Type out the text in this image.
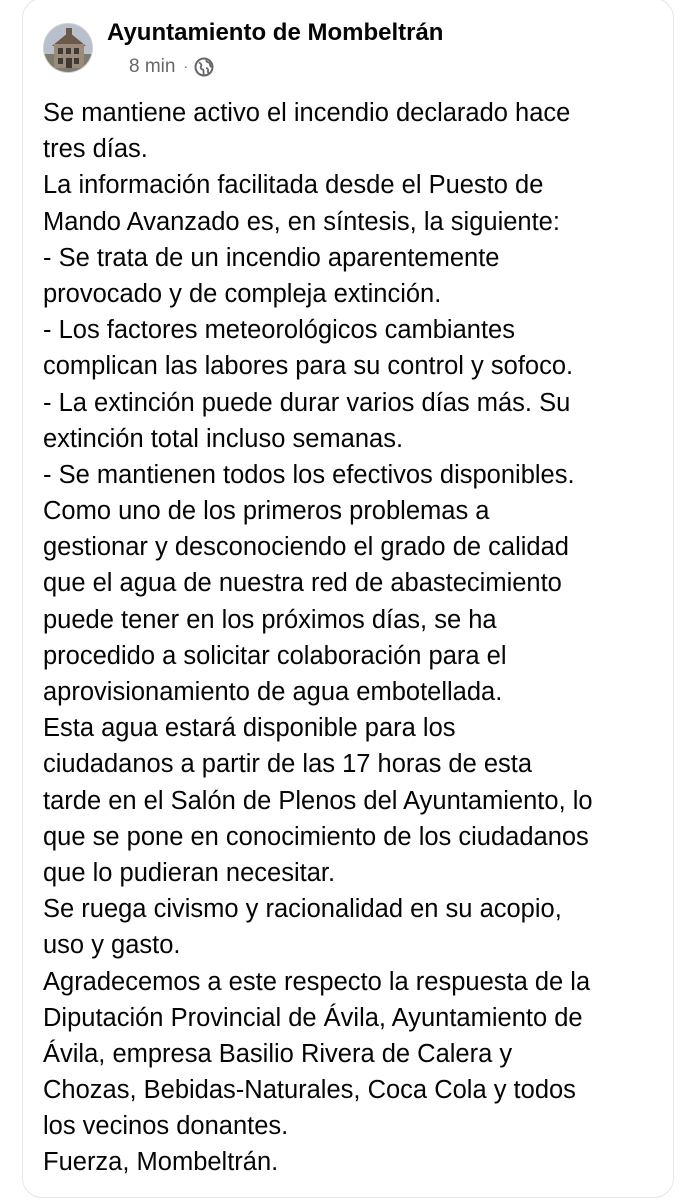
Ayuntamiento de Mombeltrán
8 min ·
Se mantiene activo el incendio declarado hace
tres días.
La información facilitada desde el Puesto de
Mando Avanzado es, en síntesis, la siguiente:
- Se trata de un incendio aparentemente
provocado y de compleja extinción.
- Los factores meteorológicos cambiantes
complican las labores para su control y sofoco.
- La extinción puede durar varios días más. Su
extinción total incluso semanas.
- Se mantienen todos los efectivos disponibles.
Como uno de los primeros problemas a
gestionar y desconociendo el grado de calidad
que el agua de nuestra red de abastecimiento
puede tener en los próximos días, se ha
procedido a solicitar colaboración para el
aprovisionamiento de agua embotellada.
Esta agua estará disponible para los
ciudadanos a partir de las 17 horas de esta
tarde en el Salón de Plenos del Ayuntamiento, lo
que se pone en conocimiento de los ciudadanos
que lo pudieran necesitar.
Se ruega civismo y racionalidad en su acopio,
uso y gasto.
Agradecemos a este respecto la respuesta de la
Diputación Provincial de Ávila, Ayuntamiento de
Ávila, empresa Basilio Rivera de Calera y
Chozas, Bebidas-Naturales, Coca Cola y todos
los vecinos donantes.
Fuerza, Mombeltrán.
